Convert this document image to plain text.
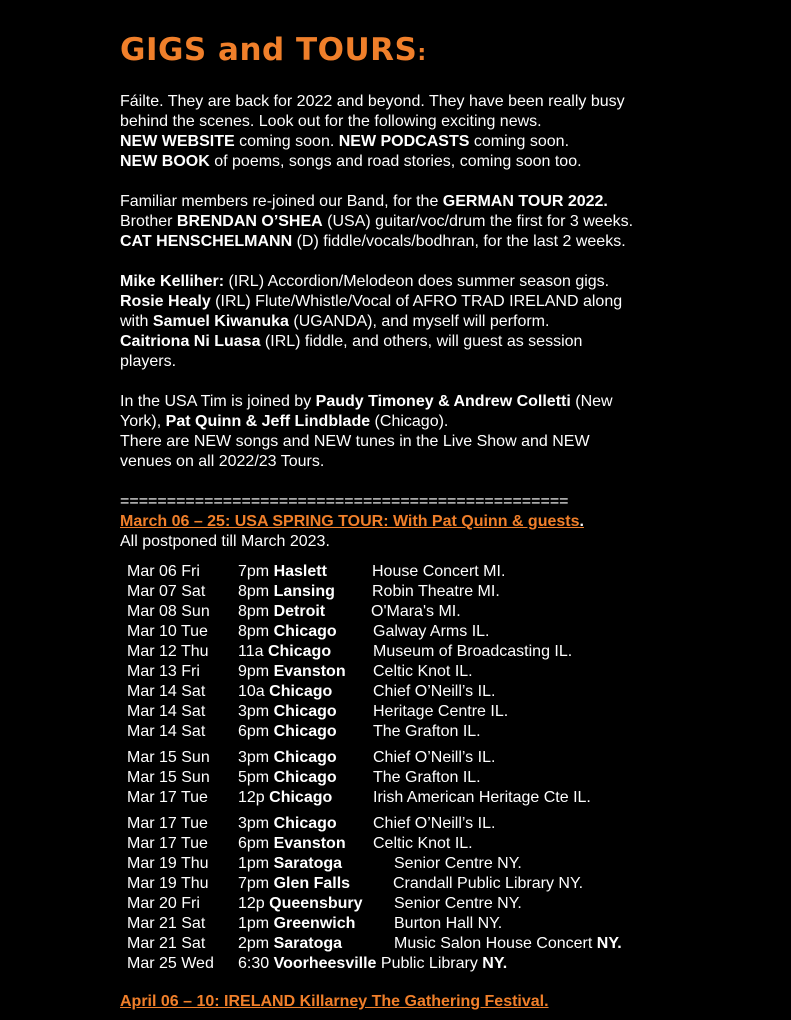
GIGS and TOURS:

Fáilte. They are back for 2022 and beyond. They have been really busy
behind the scenes. Look out for the following exciting news.
NEW WEBSITE coming soon. NEW PODCASTS coming soon.
NEW BOOK of poems, songs and road stories, coming soon too.

Familiar members re-joined our Band, for the GERMAN TOUR 2022.
Brother BRENDAN O’SHEA (USA) guitar/voc/drum the first for 3 weeks.
CAT HENSCHELMANN (D) fiddle/vocals/bodhran, for the last 2 weeks.

Mike Kelliher: (IRL) Accordion/Melodeon does summer season gigs.
Rosie Healy (IRL) Flute/Whistle/Vocal of AFRO TRAD IRELAND along
with Samuel Kiwanuka (UGANDA), and myself will perform.
Caitriona Ni Luasa (IRL) fiddle, and others, will guest as session
players.

In the USA Tim is joined by Paudy Timoney & Andrew Colletti (New
York), Pat Quinn & Jeff Lindblade (Chicago).
There are NEW songs and NEW tunes in the Live Show and NEW
venues on all 2022/23 Tours.

================================================
March 06 – 25: USA SPRING TOUR: With Pat Quinn & guests.
All postponed till March 2023.
Mar 06 Fri 7pm Haslett	House Concert MI.
Mar 07 Sat 8pm Lansing Robin Theatre MI.
Mar 08 Sun 8pm Detroit	O'Mara's MI.
Mar 10 Tue 8pm Chicago Galway Arms IL.
Mar 12 Thu 11a Chicago	Museum of Broadcasting IL.
Mar 13 Fri 9pm Evanston Celtic Knot IL.
Mar 14 Sat 10a Chicago	Chief O’Neill’s IL.
Mar 14 Sat 3pm Chicago Heritage Centre IL.
Mar 14 Sat 6pm Chicago The Grafton IL.
Mar 15 Sun 3pm Chicago Chief O’Neill’s IL.
Mar 15 Sun 5pm Chicago The Grafton IL.
Mar 17 Tue 12p Chicago	Irish American Heritage Cte IL.
Mar 17 Tue 3pm Chicago Chief O’Neill’s IL.
Mar 17 Tue 6pm Evanston Celtic Knot IL.
Mar 19 Thu 1pm Saratoga	Senior Centre NY.
Mar 19 Thu 7pm Glen Falls	Crandall Public Library NY.
Mar 20 Fri 12p Queensbury Senior Centre NY.
Mar 21 Sat 1pm Greenwich Burton Hall NY.
Mar 21 Sat 2pm Saratoga	Music Salon House Concert NY.
Mar 25 Wed 6:30 Voorheesville Public Library NY.
April 06 – 10: IRELAND Killarney The Gathering Festival.
